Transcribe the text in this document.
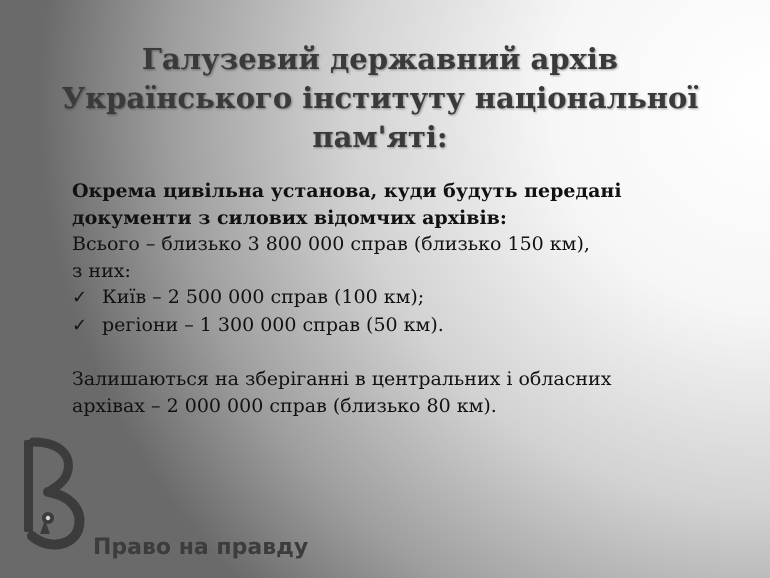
Галузевий державний архів
Українського інституту національної
пам'яті:

Окрема цивільна установа, куди будуть передані

документи з силових відомчих архівів:

Всього – близько 3 800 000 справ (близько 150 км),

з них:

✓ Київ – 2 500 000 справ (100 км);
✓ регіони – 1 300 000 справ (50 км).

Залишаються на зберіганні в центральних і обласних

архівах – 2 000 000 справ (близько 80 км).

Право на правду
